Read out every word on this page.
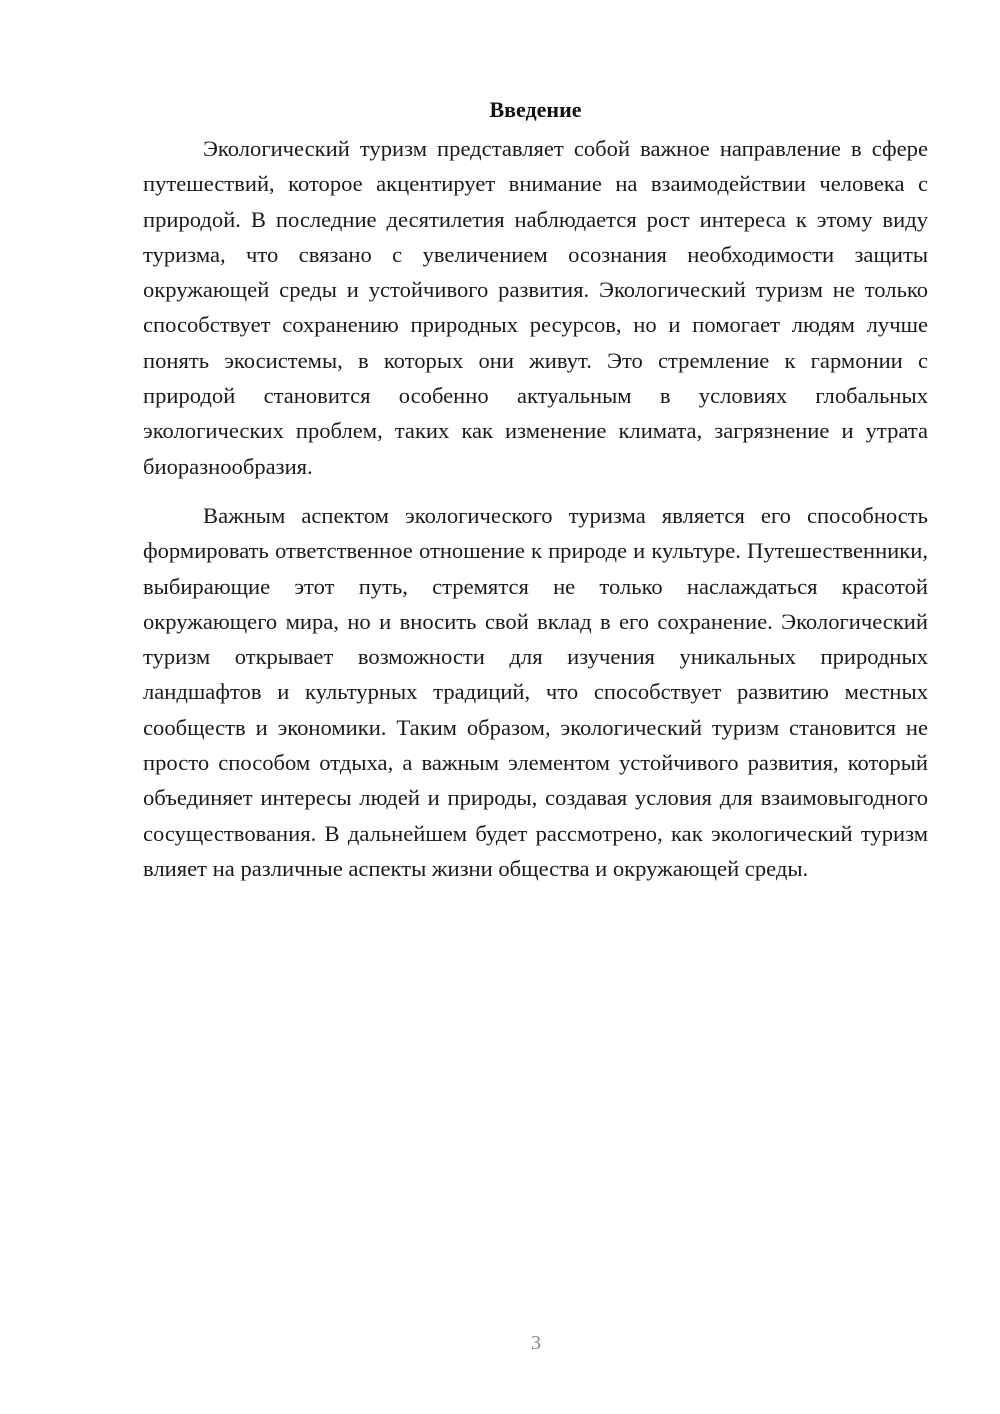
Введение

Экологический туризм представляет собой важное направление в сфере путешествий, которое акцентирует внимание на взаимодействии человека с природой. В последние десятилетия наблюдается рост интереса к этому виду туризма, что связано с увеличением осознания необходимости защиты окружающей среды и устойчивого развития. Экологический туризм не только способствует сохранению природных ресурсов, но и помогает людям лучше понять экосистемы, в которых они живут. Это стремление к гармонии с природой становится особенно актуальным в условиях глобальных экологических проблем, таких как изменение климата, загрязнение и утрата биоразнообразия.

Важным аспектом экологического туризма является его способность формировать ответственное отношение к природе и культуре. Путешественники, выбирающие этот путь, стремятся не только наслаждаться красотой окружающего мира, но и вносить свой вклад в его сохранение. Экологический туризм открывает возможности для изучения уникальных природных ландшафтов и культурных традиций, что способствует развитию местных сообществ и экономики. Таким образом, экологический туризм становится не просто способом отдыха, а важным элементом устойчивого развития, который объединяет интересы людей и природы, создавая условия для взаимовыгодного сосуществования. В дальнейшем будет рассмотрено, как экологический туризм влияет на различные аспекты жизни общества и окружающей среды.

3
